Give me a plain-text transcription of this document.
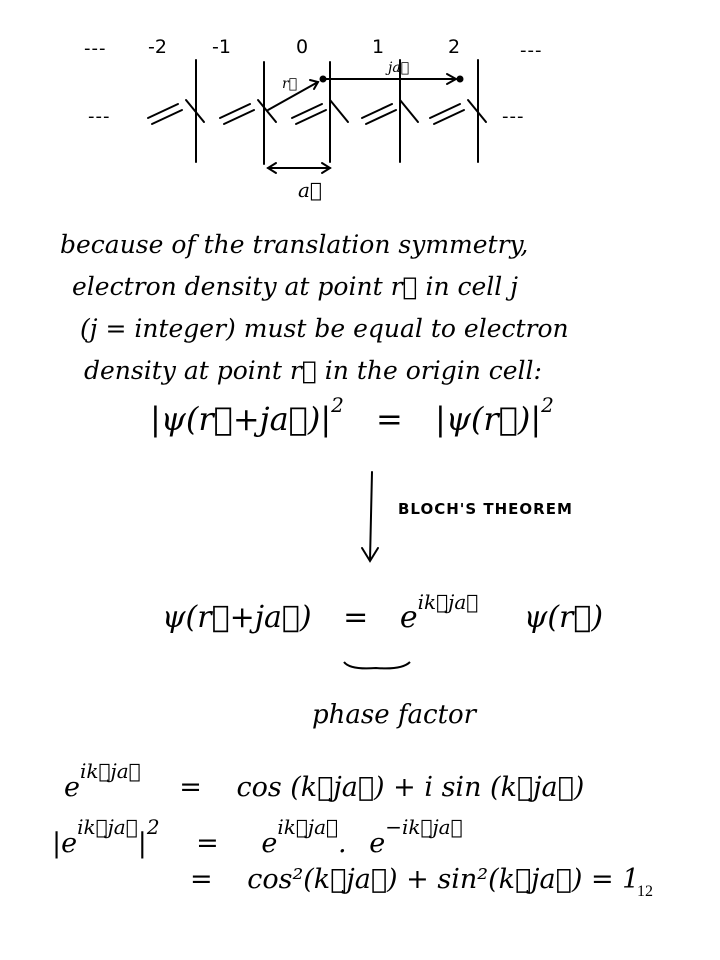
---	---
-2 -1	0	1	2
---	---
r⃗
ja⃗
a⃗
because of the translation symmetry,
electron density at point r⃗ in cell j
(j = integer) must be equal to electron
density at point r⃗ in the origin cell:
$|\psi(r⃗+ja⃗)|^2$ = $|\psi(r⃗)|^2$
BLOCH'S THEOREM
ψ(r⃗+ja⃗) = $e^{ik⃗ja⃗}$ ψ(r⃗)
phase factor
$e^{ik⃗ja⃗} = \cos$ (k⃗ja⃗) + i sin (k⃗ja⃗)
$|e^{ik⃗ja⃗}|^2 = e^{ik⃗ja⃗}$. $e^{-ik⃗ja⃗}$
= cos²(k⃗ja⃗) + sin²(k⃗ja⃗) = 1
12
